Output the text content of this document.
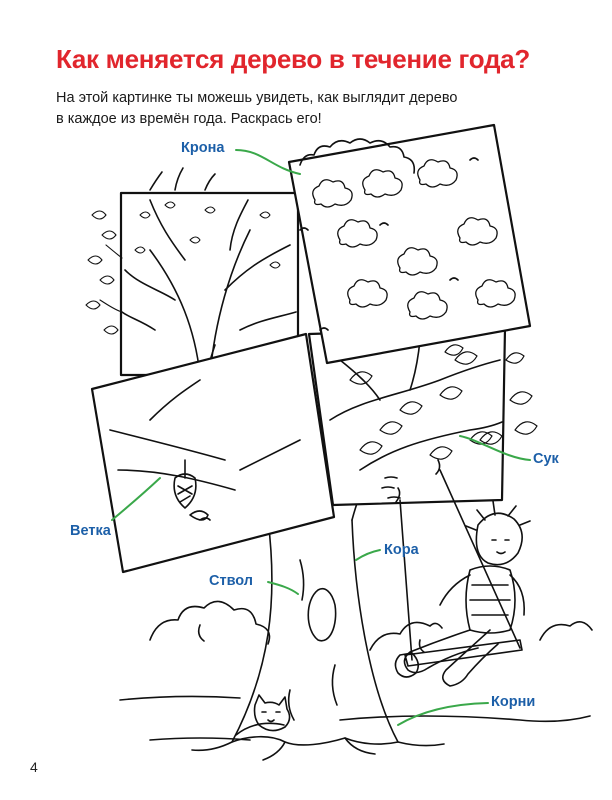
Как меняется дерево в течение года?
На этой картинке ты можешь увидеть, как выглядит дерево
в каждое из времён года. Раскрась его!
Крона
Сук
Ветка
Кора
Ствол
Корни
4
